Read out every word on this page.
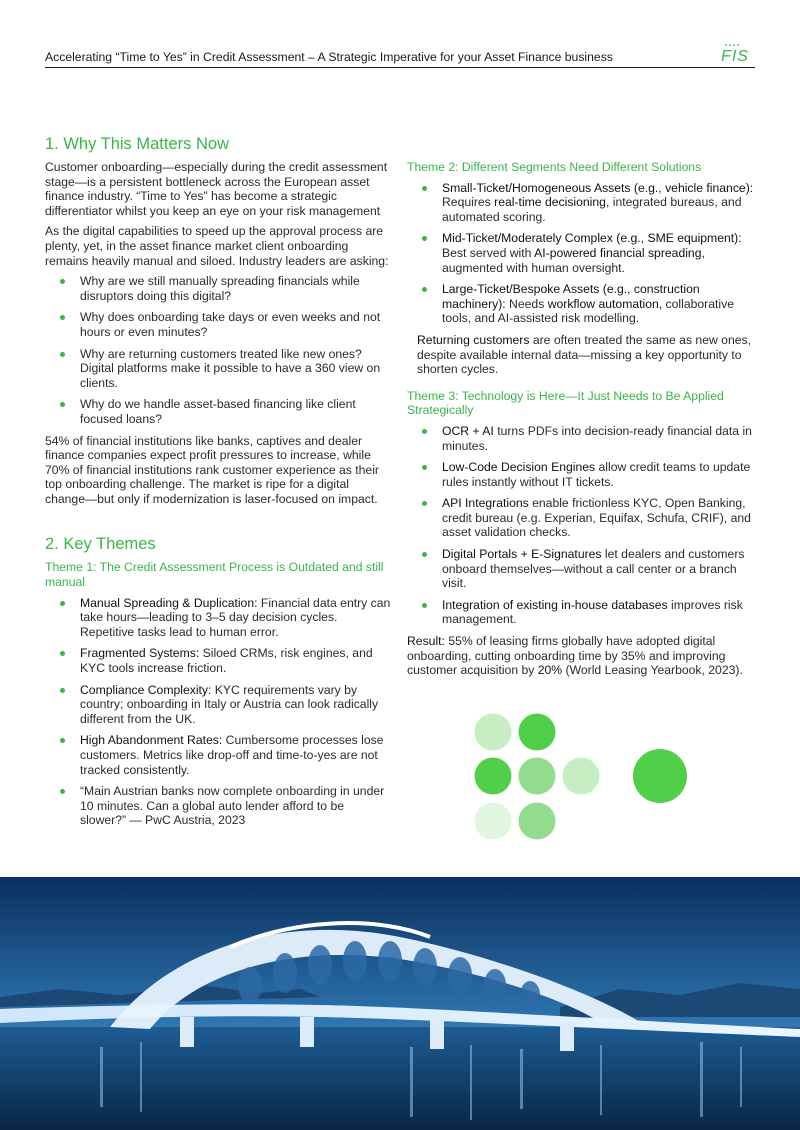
Accelerating “Time to Yes” in Credit Assessment – A Strategic Imperative for your Asset Finance business	FIS
1. Why This Matters Now

Customer onboarding—especially during the credit assessment stage—is a persistent bottleneck across the European asset finance industry. “Time to Yes” has become a strategic differentiator whilst you keep an eye on your risk management

As the digital capabilities to speed up the approval process are plenty, yet, in the asset finance market client onboarding remains heavily manual and siloed. Industry leaders are asking:

Why are we still manually spreading financials while disruptors doing this digital?
Why does onboarding take days or even weeks and not hours or even minutes?
Why are returning customers treated like new ones? Digital platforms make it possible to have a 360 view on clients.
Why do we handle asset-based financing like client focused loans?

54% of financial institutions like banks, captives and dealer finance companies expect profit pressures to increase, while 70% of financial institutions rank customer experience as their top onboarding challenge. The market is ripe for a digital change—but only if modernization is laser-focused on impact.

2. Key Themes
Theme 1: The Credit Assessment Process is Outdated and still manual
Manual Spreading & Duplication: Financial data entry can take hours—leading to 3–5 day decision cycles. Repetitive tasks lead to human error.
Fragmented Systems: Siloed CRMs, risk engines, and KYC tools increase friction.
Compliance Complexity: KYC requirements vary by country; onboarding in Italy or Austria can look radically different from the UK.
High Abandonment Rates: Cumbersome processes lose customers. Metrics like drop-off and time-to-yes are not tracked consistently.
“Main Austrian banks now complete onboarding in under 10 minutes. Can a global auto lender afford to be slower?” — PwC Austria, 2023
Theme 2: Different Segments Need Different Solutions
Small-Ticket/Homogeneous Assets (e.g., vehicle finance): Requires real-time decisioning, integrated bureaus, and automated scoring.
Mid-Ticket/Moderately Complex (e.g., SME equipment): Best served with AI-powered financial spreading, augmented with human oversight.
Large-Ticket/Bespoke Assets (e.g., construction machinery): Needs workflow automation, collaborative tools, and AI-assisted risk modelling.

Returning customers are often treated the same as new ones, despite available internal data—missing a key opportunity to shorten cycles.

Theme 3: Technology is Here—It Just Needs to Be Applied Strategically
OCR + AI turns PDFs into decision-ready financial data in minutes.
Low-Code Decision Engines allow credit teams to update rules instantly without IT tickets.
API Integrations enable frictionless KYC, Open Banking, credit bureau (e.g. Experian, Equifax, Schufa, CRIF), and asset validation checks.
Digital Portals + E-Signatures let dealers and customers onboard themselves—without a call center or a branch visit.
Integration of existing in-house databases improves risk management.

Result: 55% of leasing firms globally have adopted digital onboarding, cutting onboarding time by 35% and improving customer acquisition by 20% (World Leasing Yearbook, 2023).
